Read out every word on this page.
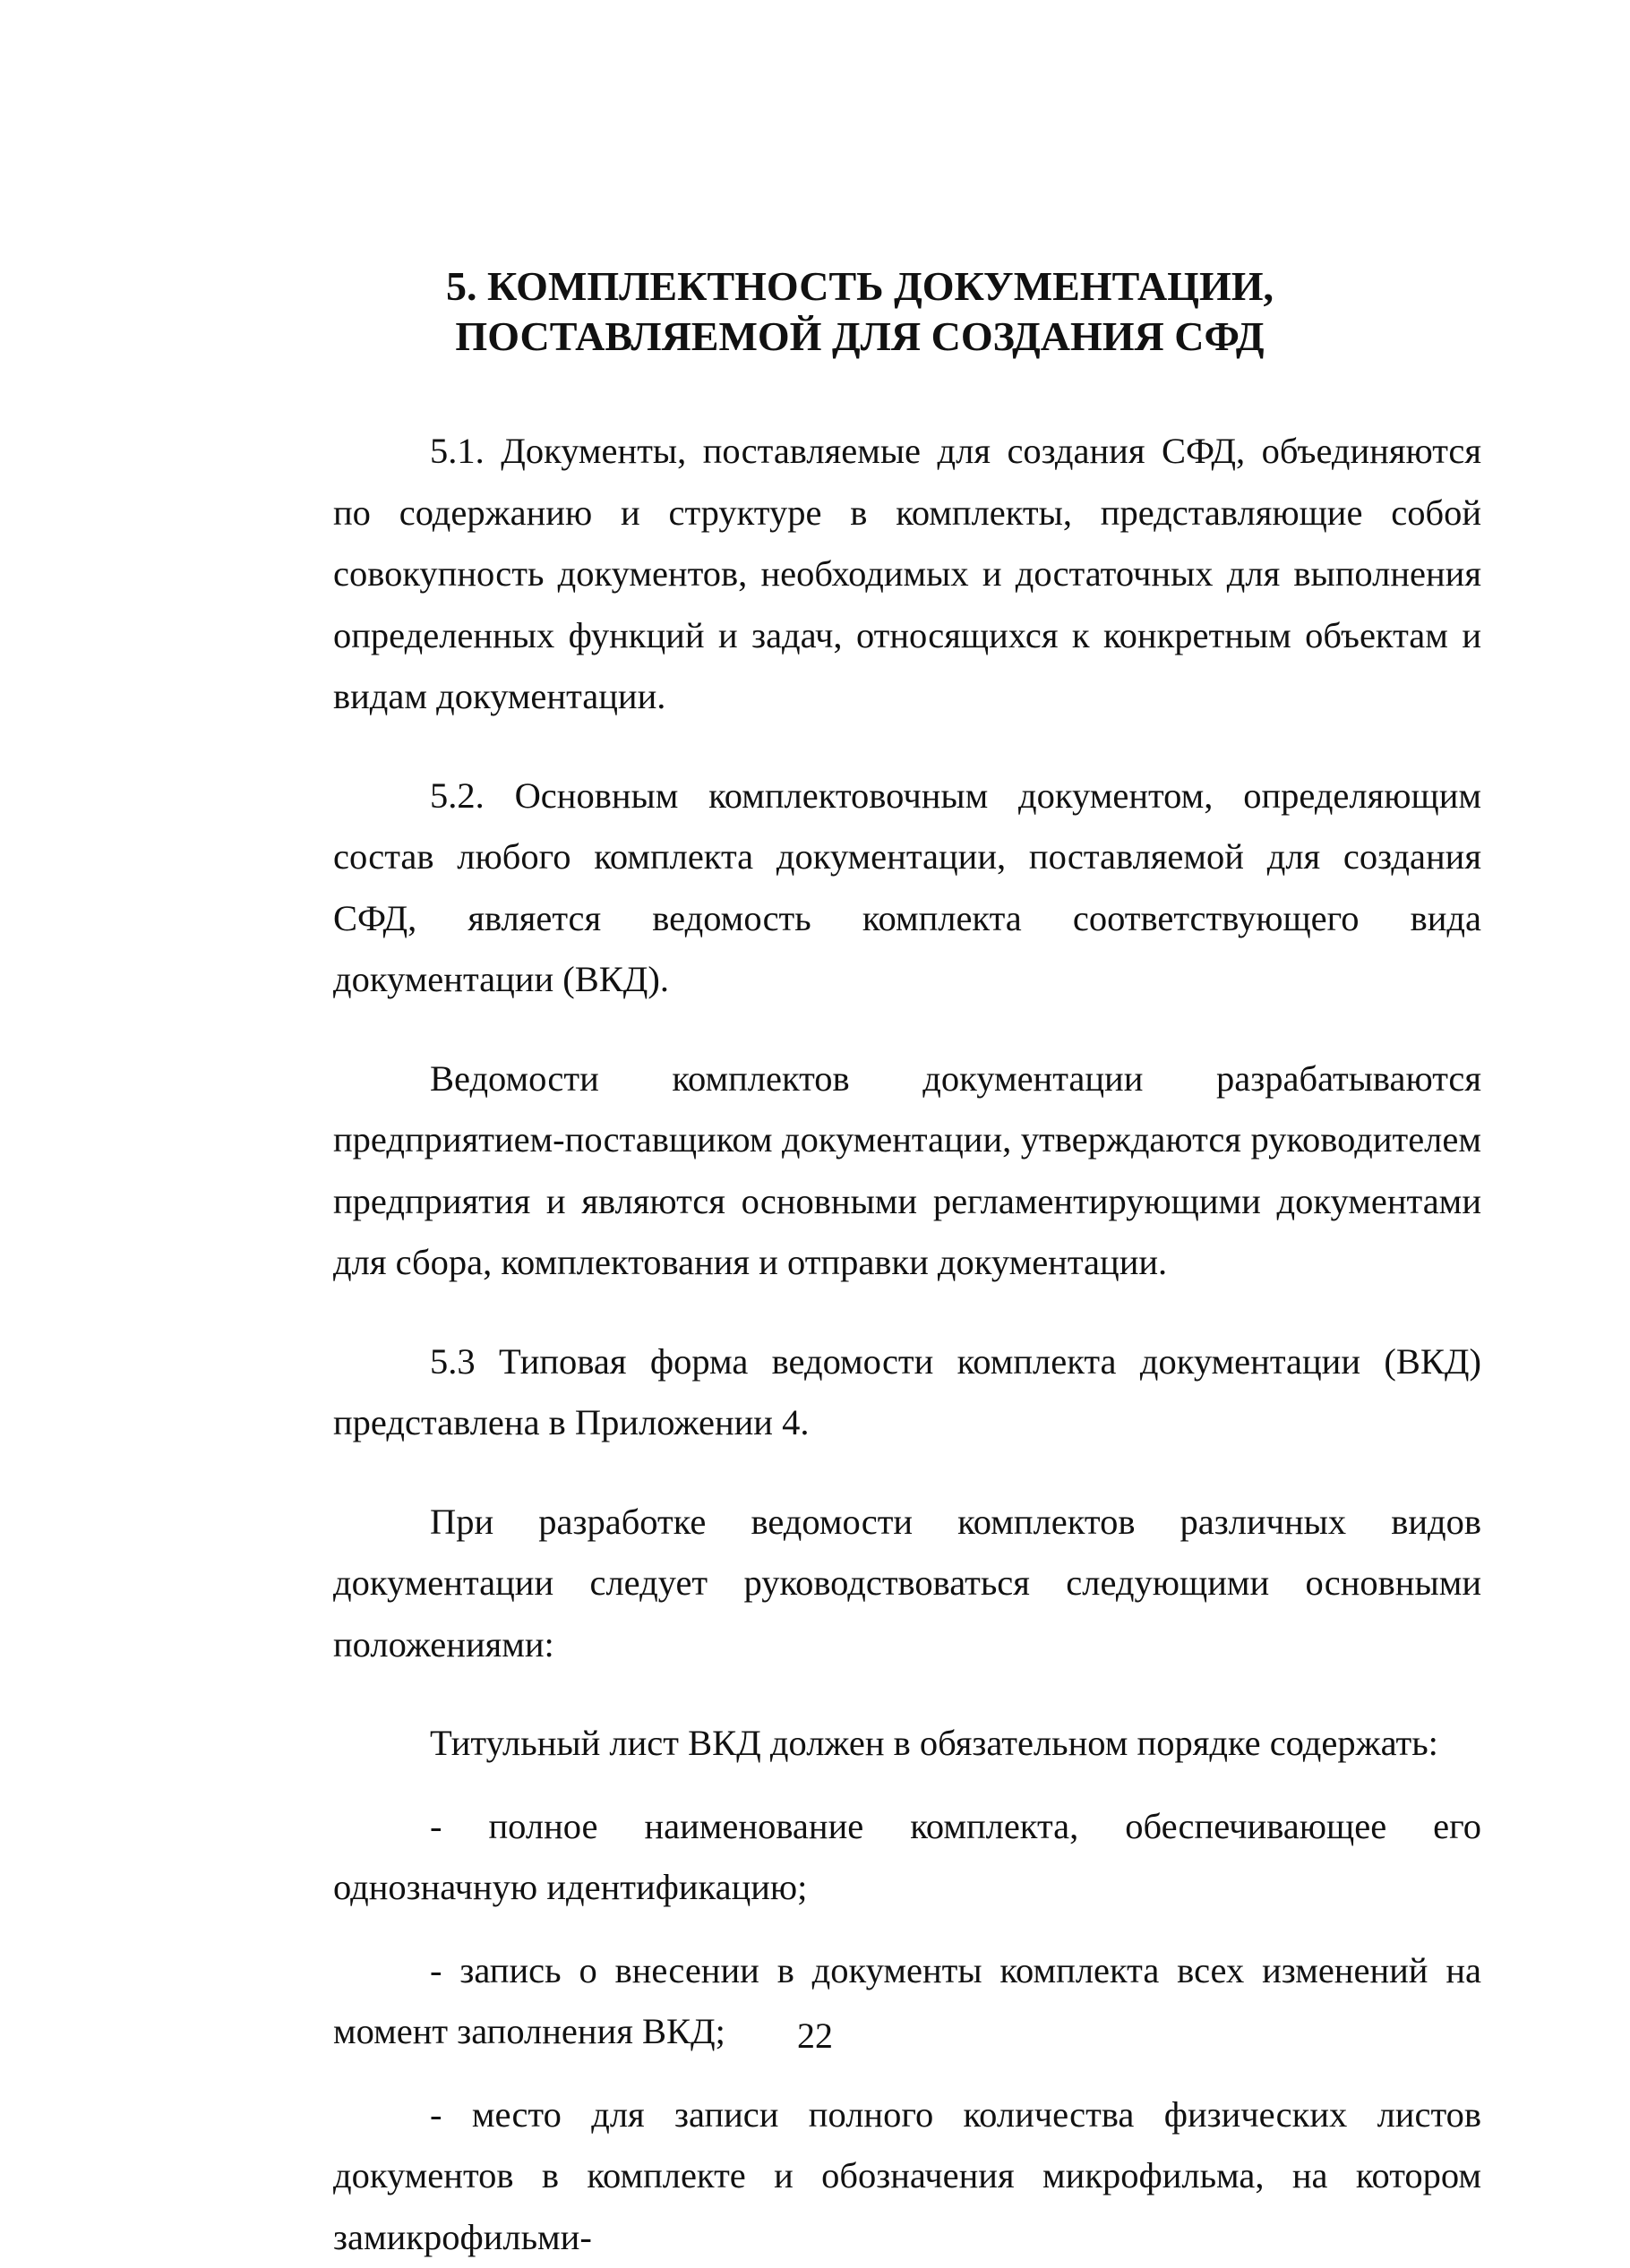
5. КОМПЛЕКТНОСТЬ ДОКУМЕНТАЦИИ,
ПОСТАВЛЯЕМОЙ ДЛЯ СОЗДАНИЯ СФД

5.1. Документы, поставляемые для создания СФД, объединяются по содержанию и структуре в комплекты, представляющие собой совокупность документов, необходимых и достаточных для выполнения определенных функций и задач, относящихся к конкретным объектам и видам документации.

5.2. Основным комплектовочным документом, определяющим состав любого комплекта документации, поставляемой для создания СФД, является ведомость комплекта соответствующего вида документации (ВКД).

Ведомости комплектов документации разрабатываются предприятием-поставщиком документации, утверждаются руководителем предприятия и являются основными регламентирующими документами для сбора, комплектования и отправки документации.

5.3 Типовая форма ведомости комплекта документации (ВКД) представлена в Приложении 4.

При разработке ведомости комплектов различных видов документации следует руководствоваться следующими основными положениями:

Титульный лист ВКД должен в обязательном порядке содержать:

- полное наименование комплекта, обеспечивающее его однозначную идентификацию;

- запись о внесении в документы комплекта всех изменений на момент заполнения ВКД;

- место для записи полного количества физических листов документов в комплекте и обозначения микрофильма, на котором замикрофильми-

22
